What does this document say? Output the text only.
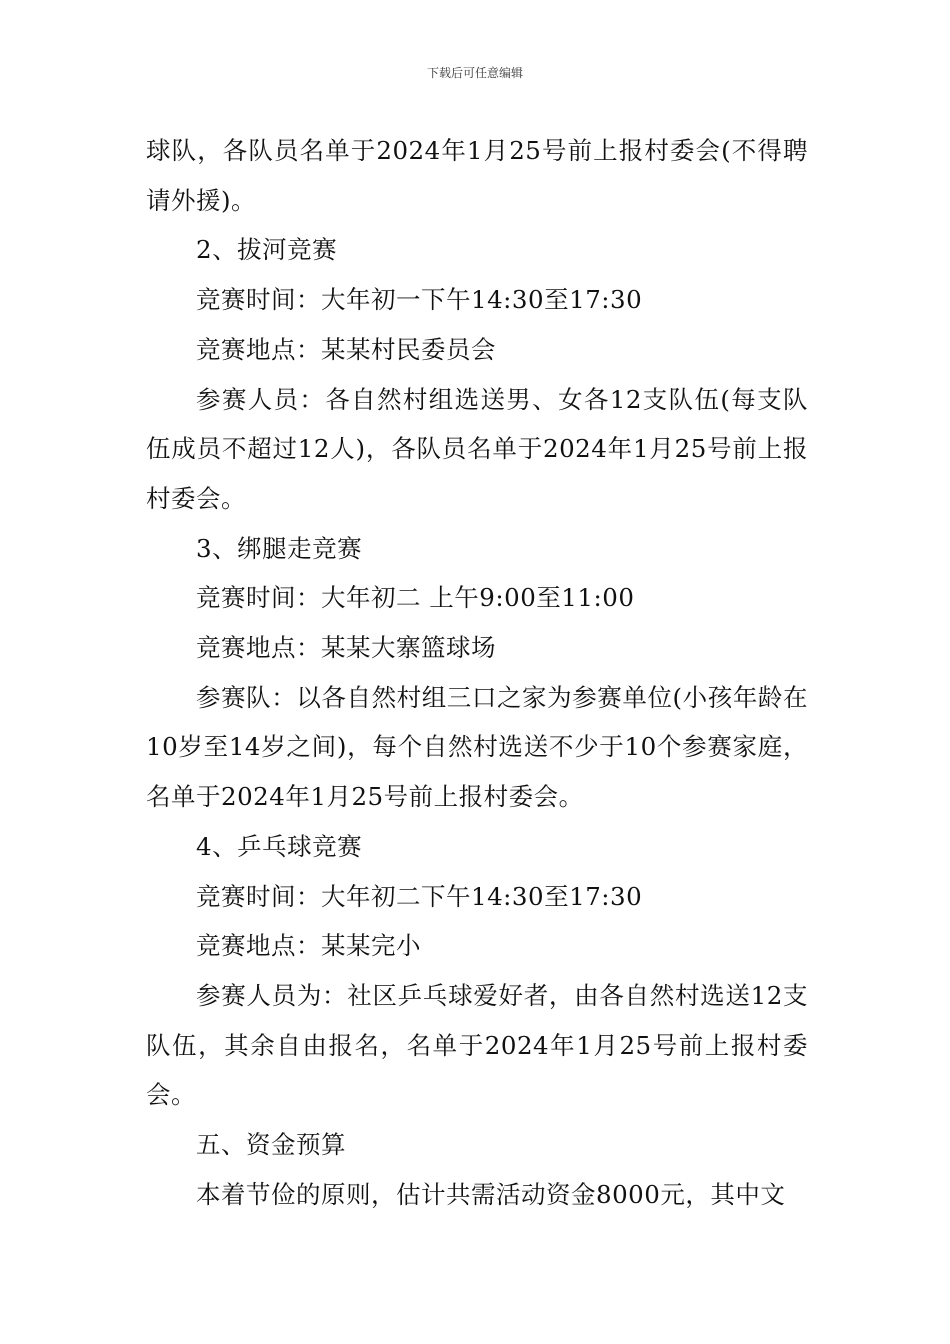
下载后可任意编辑

球队，各队员名单于2024年1月25号前上报村委会(不得聘请外援)。

2、拔河竞赛

竞赛时间：大年初一下午14:30至17:30

竞赛地点：某某村民委员会

参赛人员：各自然村组选送男、女各12支队伍(每支队伍成员不超过12人)，各队员名单于2024年1月25号前上报村委会。

3、绑腿走竞赛

竞赛时间：大年初二 上午9:00至11:00

竞赛地点：某某大寨篮球场

参赛队：以各自然村组三口之家为参赛单位(小孩年龄在10岁至14岁之间)，每个自然村选送不少于10个参赛家庭，名单于2024年1月25号前上报村委会。

4、乒乓球竞赛

竞赛时间：大年初二下午14:30至17:30

竞赛地点：某某完小

参赛人员为：社区乒乓球爱好者，由各自然村选送12支队伍，其余自由报名，名单于2024年1月25号前上报村委会。

五、资金预算

本着节俭的原则，估计共需活动资金8000元，其中文
